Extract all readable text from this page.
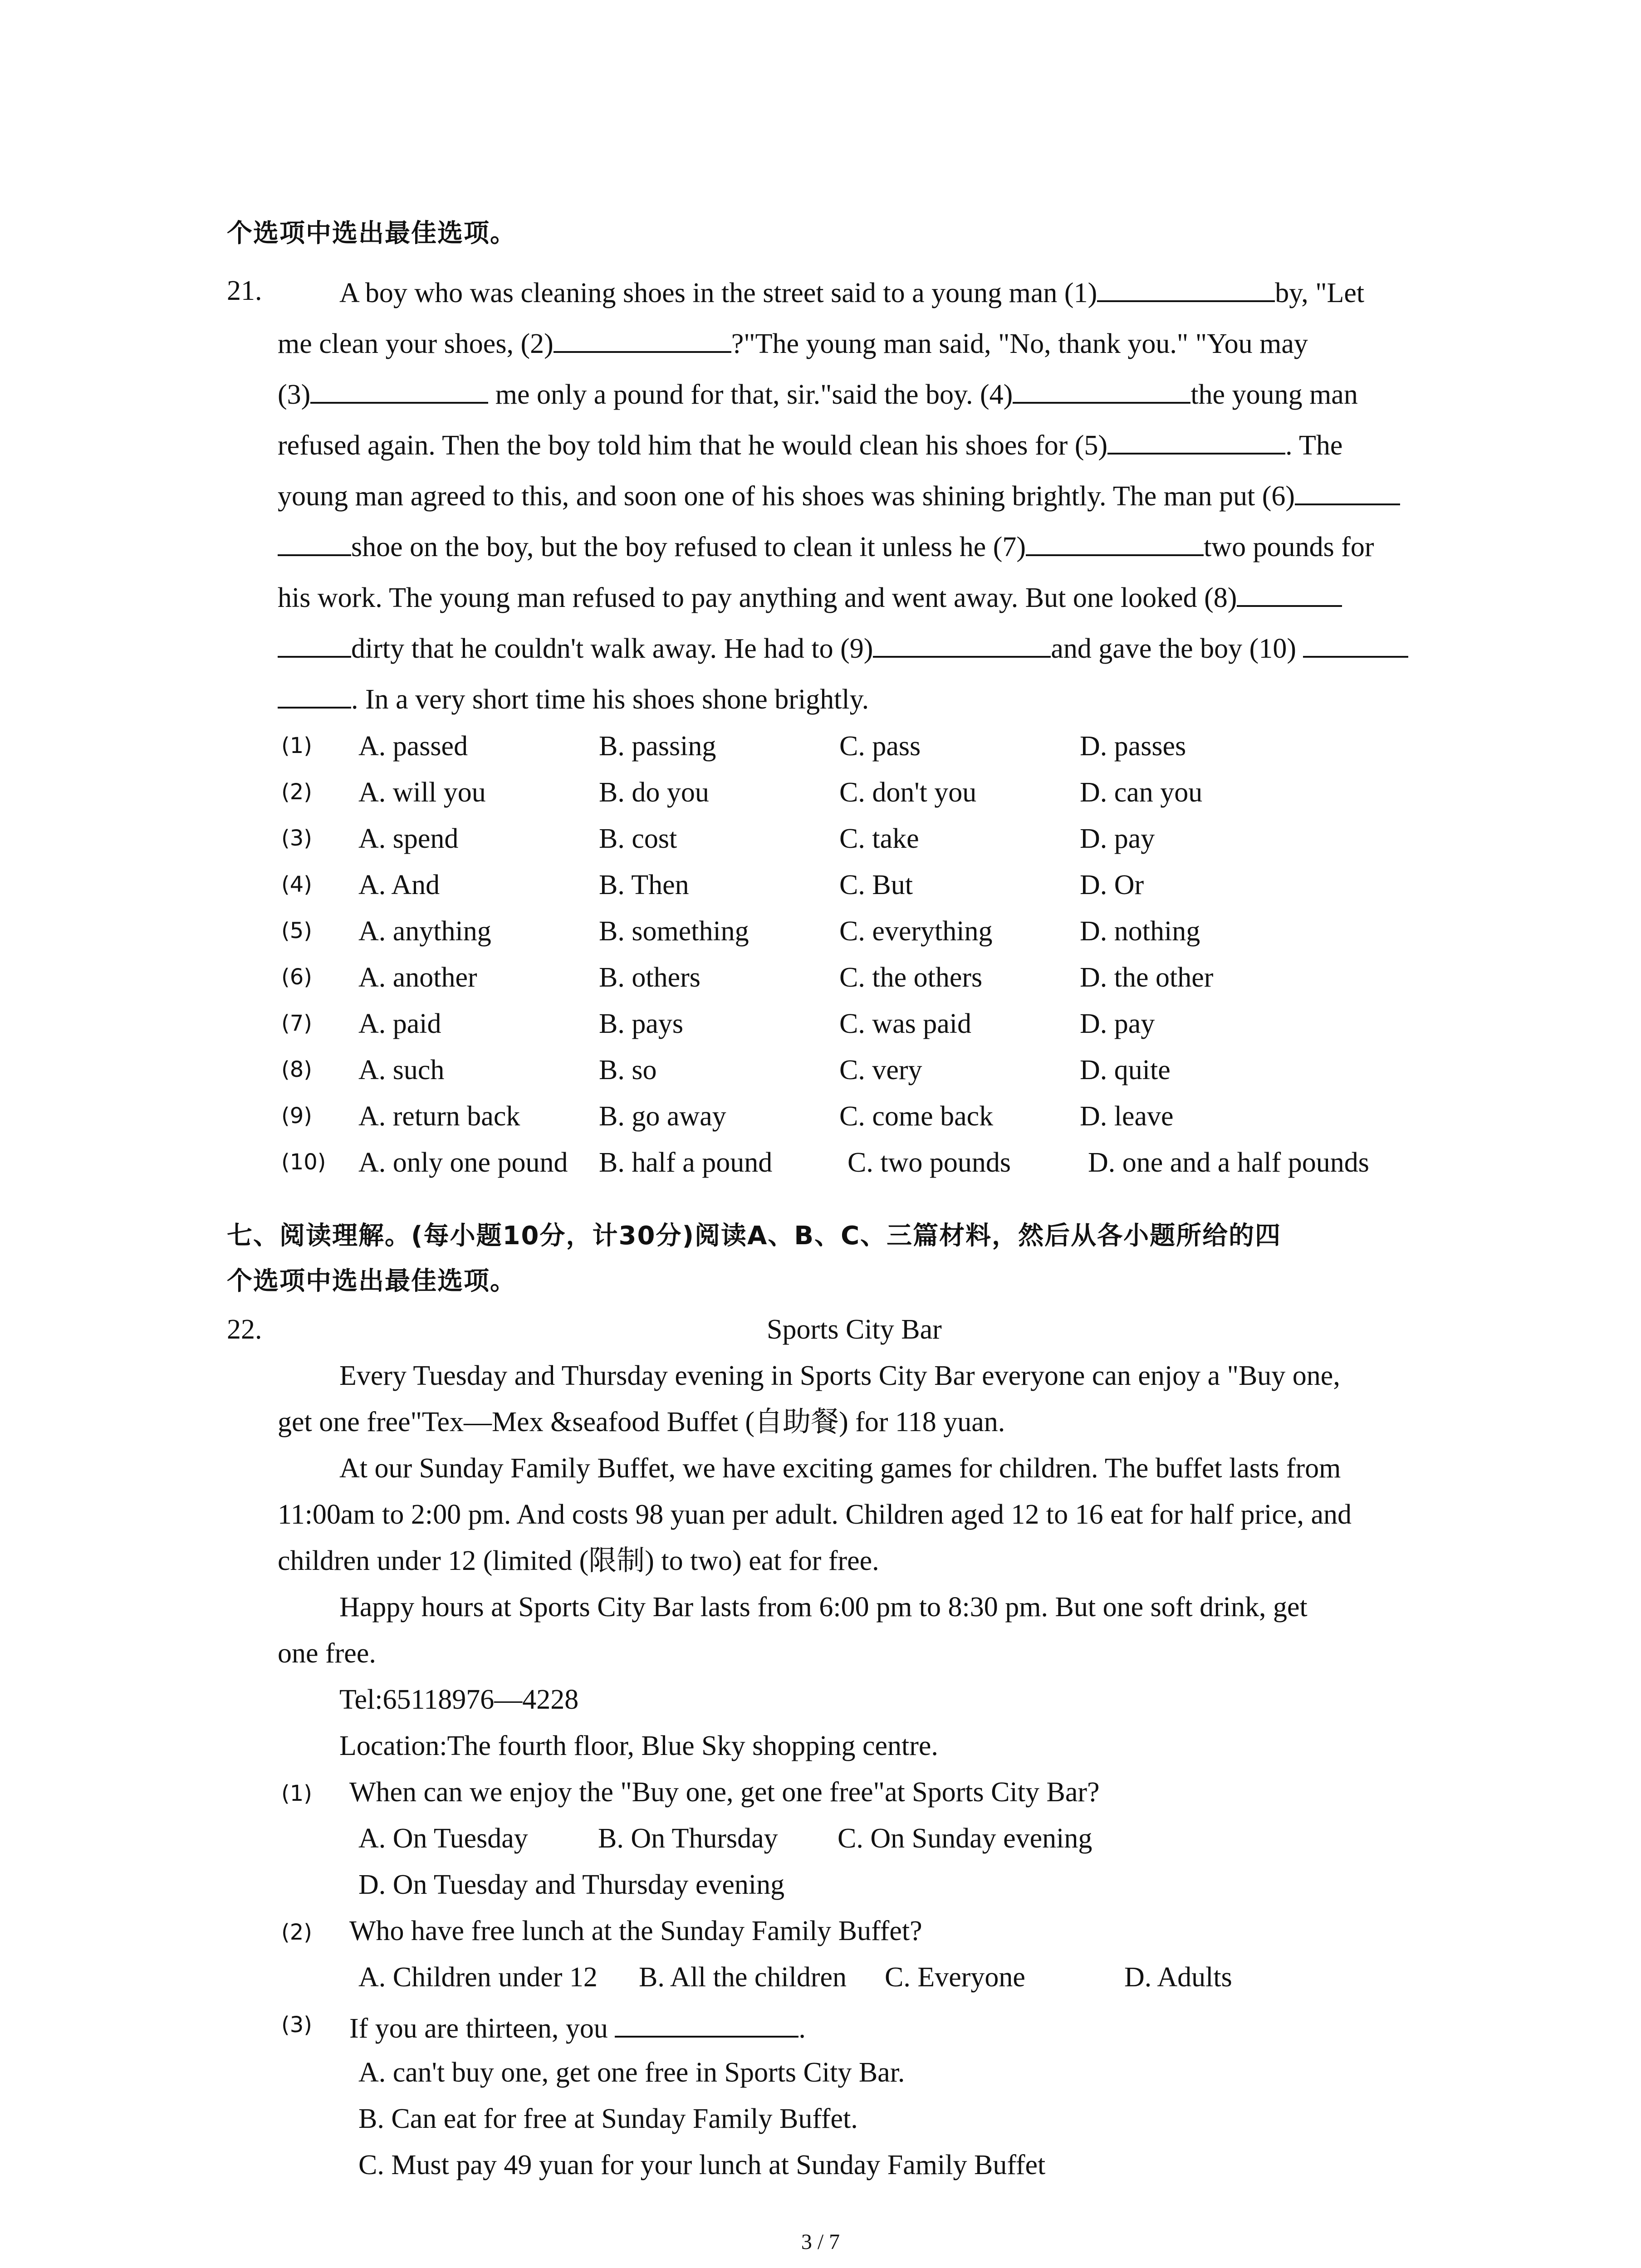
个选项中选出最佳选项。
21.	A boy who was cleaning shoes in the street said to a young man (1)	by, "Let
me clean your shoes, (2)	?"The young man said, "No, thank you." "You may
(3)	me only a pound for that, sir."said the boy. (4)	the young man
refused again. Then the boy told him that he would clean his shoes for (5)	. The
young man agreed to this, and soon one of his shoes was shining brightly. The man put (6)
shoe on the boy, but the boy refused to clean it unless he (7)	two pounds for
his work. The young man refused to pay anything and went away. But one looked (8)
dirty that he couldn't walk away. He had to (9)	and gave the boy (10)
. In a very short time his shoes shone brightly.
(1) A. passed	B. passing	C. pass	D. passes
(2) A. will you	B. do you	C. don't you	D. can you
(3) A. spend	B. cost	C. take	D. pay
(4) A. And	B. Then	C. But	D. Or
(5) A. anything	B. something	C. everything	D. nothing
(6) A. another	B. others	C. the others	D. the other
(7) A. paid	B. pays	C. was paid	D. pay
(8) A. such	B. so	C. very	D. quite
(9) A. return back	B. go away	C. come back	D. leave
(10) A. only one pound B. half a pound	C. two pounds	D. one and a half pounds
七、阅读理解。(每小题10分，计30分)阅读A、B、C、三篇材料，然后从各小题所给的四
个选项中选出最佳选项。
22.	Sports City Bar
Every Tuesday and Thursday evening in Sports City Bar everyone can enjoy a "Buy one,
get one free"Tex—Mex &seafood Buffet (自助餐) for 118 yuan.
At our Sunday Family Buffet, we have exciting games for children. The buffet lasts from
11:00am to 2:00 pm. And costs 98 yuan per adult. Children aged 12 to 16 eat for half price, and
children under 12 (limited (限制) to two) eat for free.
Happy hours at Sports City Bar lasts from 6:00 pm to 8:30 pm. But one soft drink, get
one free.
Tel:65118976—4228
Location:The fourth floor, Blue Sky shopping centre.
(1) When can we enjoy the "Buy one, get one free"at Sports City Bar?
A. On Tuesday B. On Thursday C. On Sunday evening
D. On Tuesday and Thursday evening
(2) Who have free lunch at the Sunday Family Buffet?
A. Children under 12 B. All the children C. Everyone	D. Adults
(3) If you are thirteen, you	.
A. can't buy one, get one free in Sports City Bar.
B. Can eat for free at Sunday Family Buffet.
C. Must pay 49 yuan for your lunch at Sunday Family Buffet
3 / 7
